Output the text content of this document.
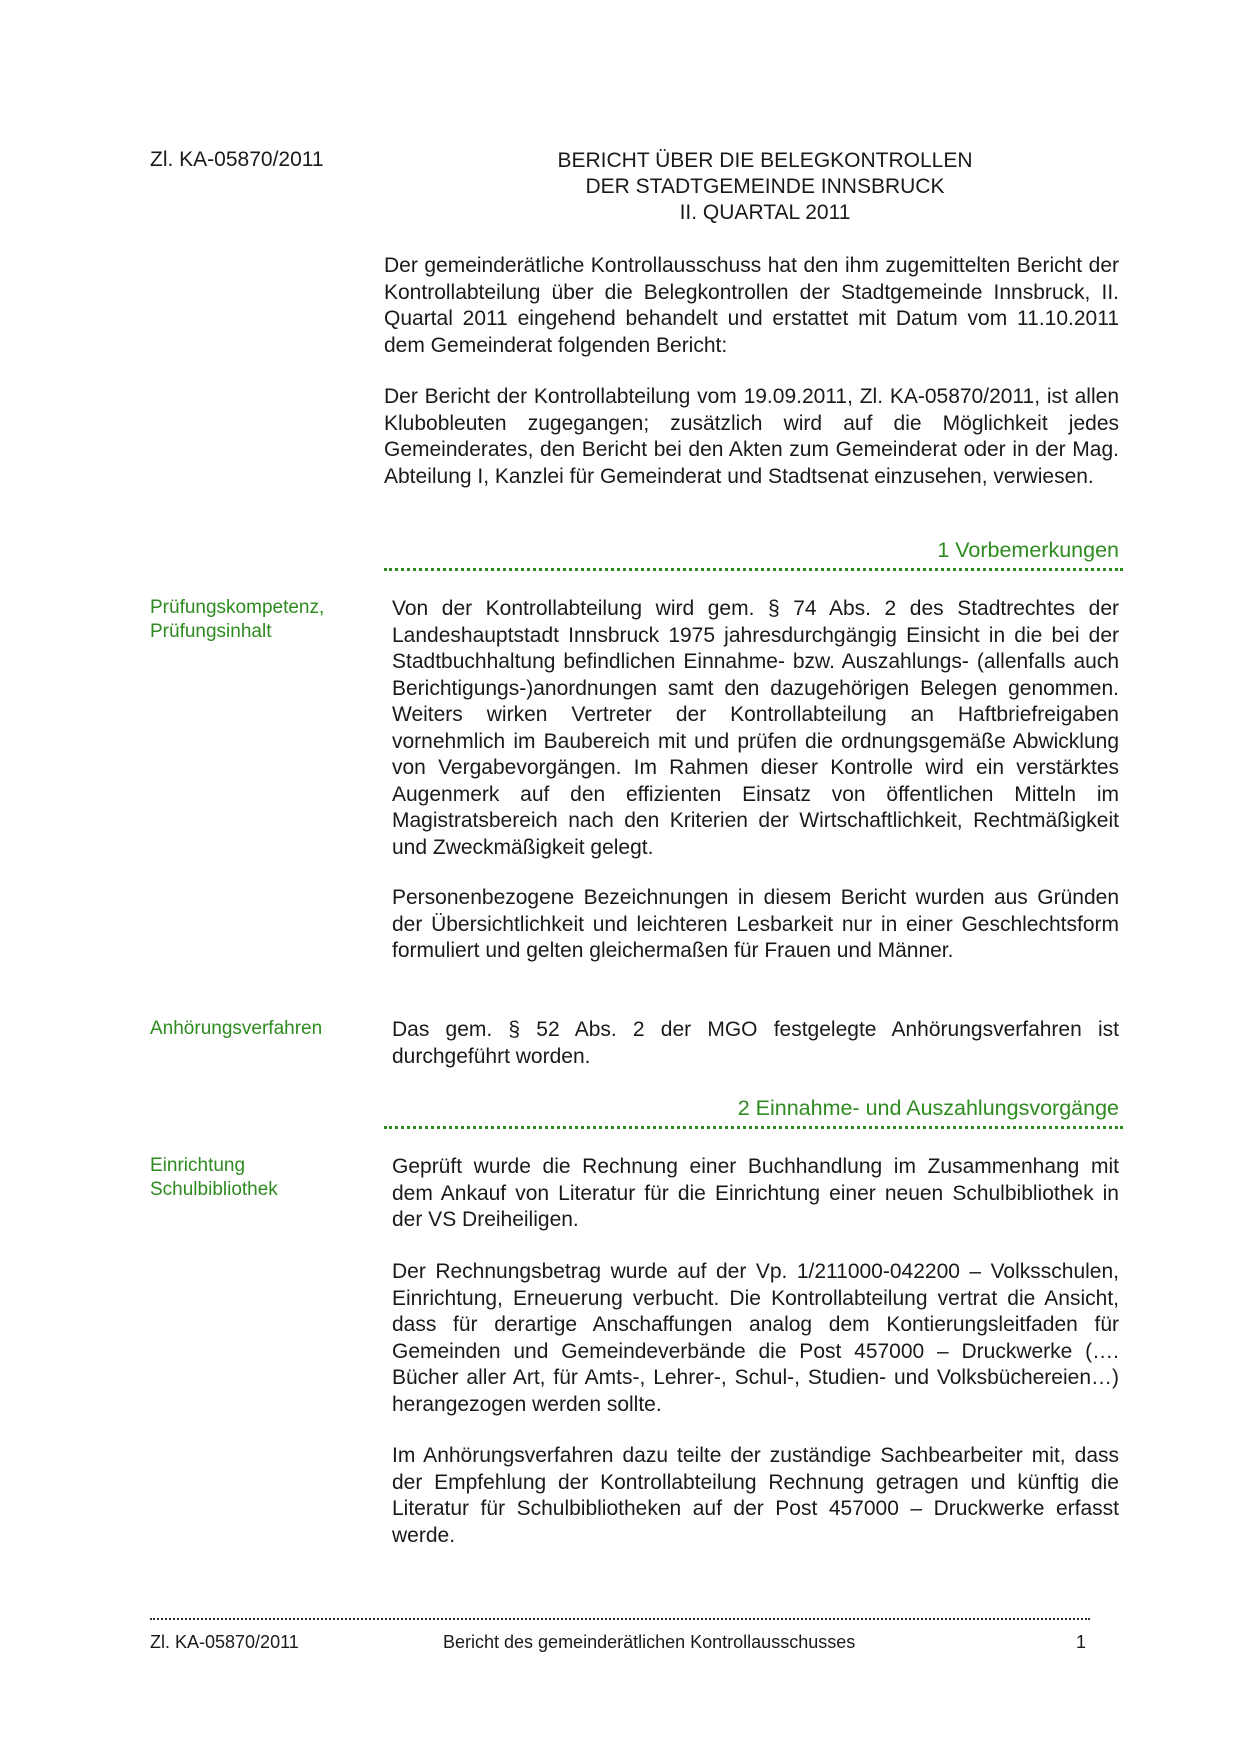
Zl. KA-05870/2011	BERICHT ÜBER DIE BELEGKONTROLLEN
DER STADTGEMEINDE INNSBRUCK
II. QUARTAL 2011
Der gemeinderätliche Kontrollausschuss hat den ihm zugemittelten Bericht der Kontrollabteilung über die Belegkontrollen der Stadtgemeinde Innsbruck, II. Quartal 2011 eingehend behandelt und erstattet mit Datum vom 11.10.2011 dem Gemeinderat folgenden Bericht:
Der Bericht der Kontrollabteilung vom 19.09.2011, Zl. KA-05870/2011, ist allen Klubobleuten zugegangen; zusätzlich wird auf die Möglichkeit jedes Gemeinderates, den Bericht bei den Akten zum Gemeinderat oder in der Mag. Abteilung I, Kanzlei für Gemeinderat und Stadtsenat einzusehen, verwiesen.
1 Vorbemerkungen
Prüfungskompetenz, Prüfungsinhalt
Von der Kontrollabteilung wird gem. § 74 Abs. 2 des Stadtrechtes der Landeshauptstadt Innsbruck 1975 jahresdurchgängig Einsicht in die bei der Stadtbuchhaltung befindlichen Einnahme- bzw. Auszahlungs- (allenfalls auch Berichtigungs-)anordnungen samt den dazugehörigen Belegen genommen. Weiters wirken Vertreter der Kontrollabteilung an Haftbriefreigaben vornehmlich im Baubereich mit und prüfen die ordnungsgemäße Abwicklung von Vergabevorgängen. Im Rahmen dieser Kontrolle wird ein verstärktes Augenmerk auf den effizienten Einsatz von öffentlichen Mitteln im Magistratsbereich nach den Kriterien der Wirtschaftlichkeit, Rechtmäßigkeit und Zweckmäßigkeit gelegt.
Personenbezogene Bezeichnungen in diesem Bericht wurden aus Gründen der Übersichtlichkeit und leichteren Lesbarkeit nur in einer Geschlechtsform formuliert und gelten gleichermaßen für Frauen und Männer.
Anhörungsverfahren	Das gem. § 52 Abs. 2 der MGO festgelegte Anhörungsverfahren ist durchgeführt worden.
2 Einnahme- und Auszahlungsvorgänge
Einrichtung Schulbibliothek
Geprüft wurde die Rechnung einer Buchhandlung im Zusammenhang mit dem Ankauf von Literatur für die Einrichtung einer neuen Schulbibliothek in der VS Dreiheiligen.
Der Rechnungsbetrag wurde auf der Vp. 1/211000-042200 – Volksschulen, Einrichtung, Erneuerung verbucht. Die Kontrollabteilung vertrat die Ansicht, dass für derartige Anschaffungen analog dem Kontierungsleitfaden für Gemeinden und Gemeindeverbände die Post 457000 – Druckwerke (…. Bücher aller Art, für Amts-, Lehrer-, Schul-, Studien- und Volksbüchereien…) herangezogen werden sollte.
Im Anhörungsverfahren dazu teilte der zuständige Sachbearbeiter mit, dass der Empfehlung der Kontrollabteilung Rechnung getragen und künftig die Literatur für Schulbibliotheken auf der Post 457000 – Druckwerke erfasst werde.
Zl. KA-05870/2011	Bericht des gemeinderätlichen Kontrollausschusses	1
